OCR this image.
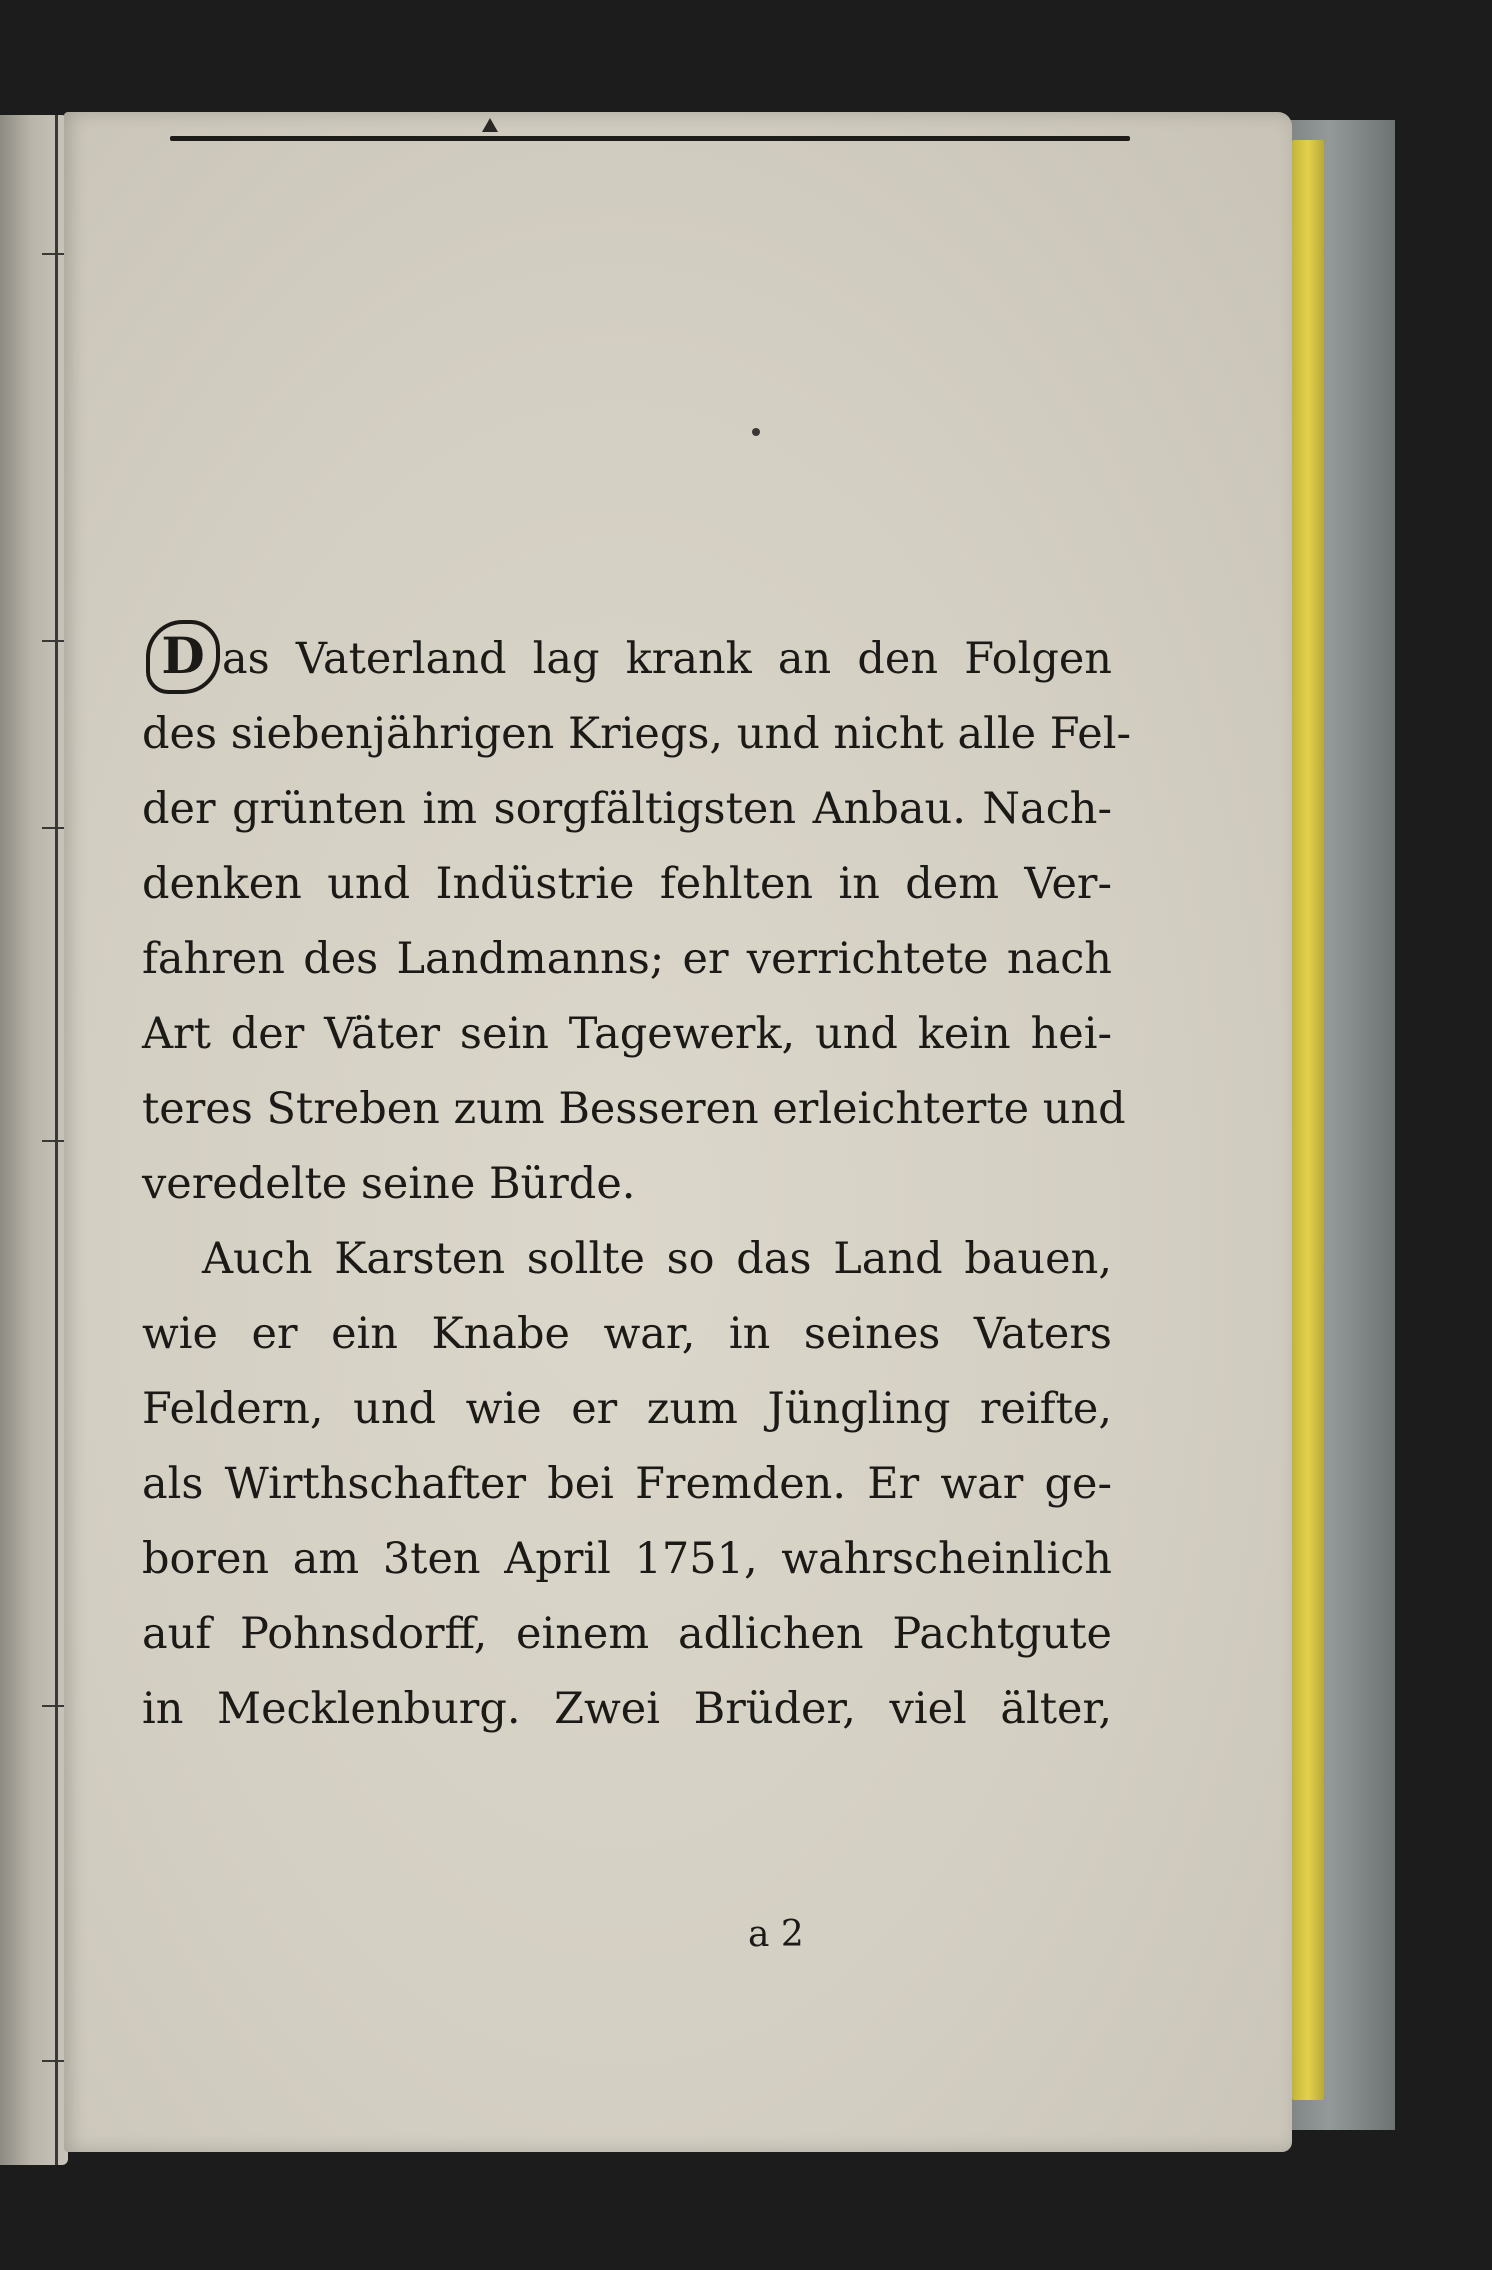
D as Vaterland lag krank an den Folgen
des siebenjährigen Kriegs, und nicht alle Fel-
der grünten im sorgfältigsten Anbau. Nach-
denken und Indüstrie fehlten in dem Ver-
fahren des Landmanns; er verrichtete nach
Art der Väter sein Tagewerk, und kein hei-
teres Streben zum Besseren erleichterte und
veredelte seine Bürde.
Auch Karsten sollte so das Land bauen,
wie er ein Knabe war, in seines Vaters
Feldern, und wie er zum Jüngling reifte,
als Wirthschafter bei Fremden. Er war ge-
boren am 3ten April 1751, wahrscheinlich
auf Pohnsdorff, einem adlichen Pachtgute
in Mecklenburg. Zwei Brüder, viel älter,
a 2
